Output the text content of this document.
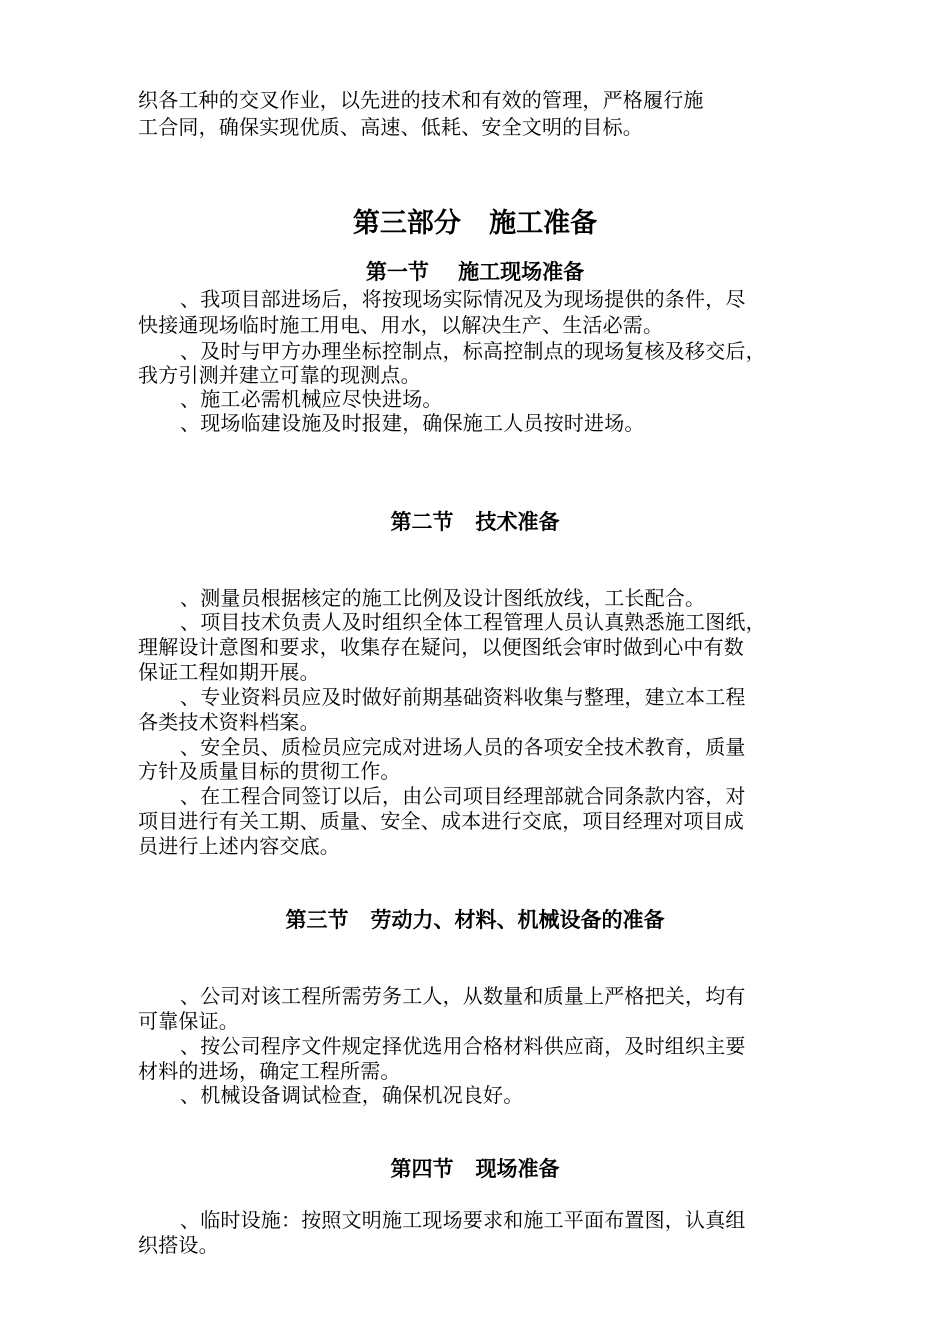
织各工种的交叉作业，以先进的技术和有效的管理，严格履行施
工合同，确保实现优质、高速、低耗、安全文明的目标。
第三部分   施工准备
第一节    施工现场准备
、我项目部进场后，将按现场实际情况及为现场提供的条件，尽
快接通现场临时施工用电、用水，以解决生产、生活必需。
、及时与甲方办理坐标控制点，标高控制点的现场复核及移交后，
我方引测并建立可靠的现测点。
、施工必需机械应尽快进场。
、现场临建设施及时报建，确保施工人员按时进场。
第二节   技术准备
、测量员根据核定的施工比例及设计图纸放线，工长配合。
、项目技术负责人及时组织全体工程管理人员认真熟悉施工图纸，
理解设计意图和要求，收集存在疑问，以便图纸会审时做到心中有数
保证工程如期开展。
、专业资料员应及时做好前期基础资料收集与整理，建立本工程
各类技术资料档案。
、安全员、质检员应完成对进场人员的各项安全技术教育，质量
方针及质量目标的贯彻工作。
、在工程合同签订以后，由公司项目经理部就合同条款内容，对
项目进行有关工期、质量、安全、成本进行交底，项目经理对项目成
员进行上述内容交底。
第三节   劳动力、材料、机械设备的准备
、公司对该工程所需劳务工人，从数量和质量上严格把关，均有
可靠保证。
、按公司程序文件规定择优选用合格材料供应商，及时组织主要
材料的进场，确定工程所需。
、机械设备调试检查，确保机况良好。
第四节   现场准备
、临时设施：按照文明施工现场要求和施工平面布置图，认真组
织搭设。
